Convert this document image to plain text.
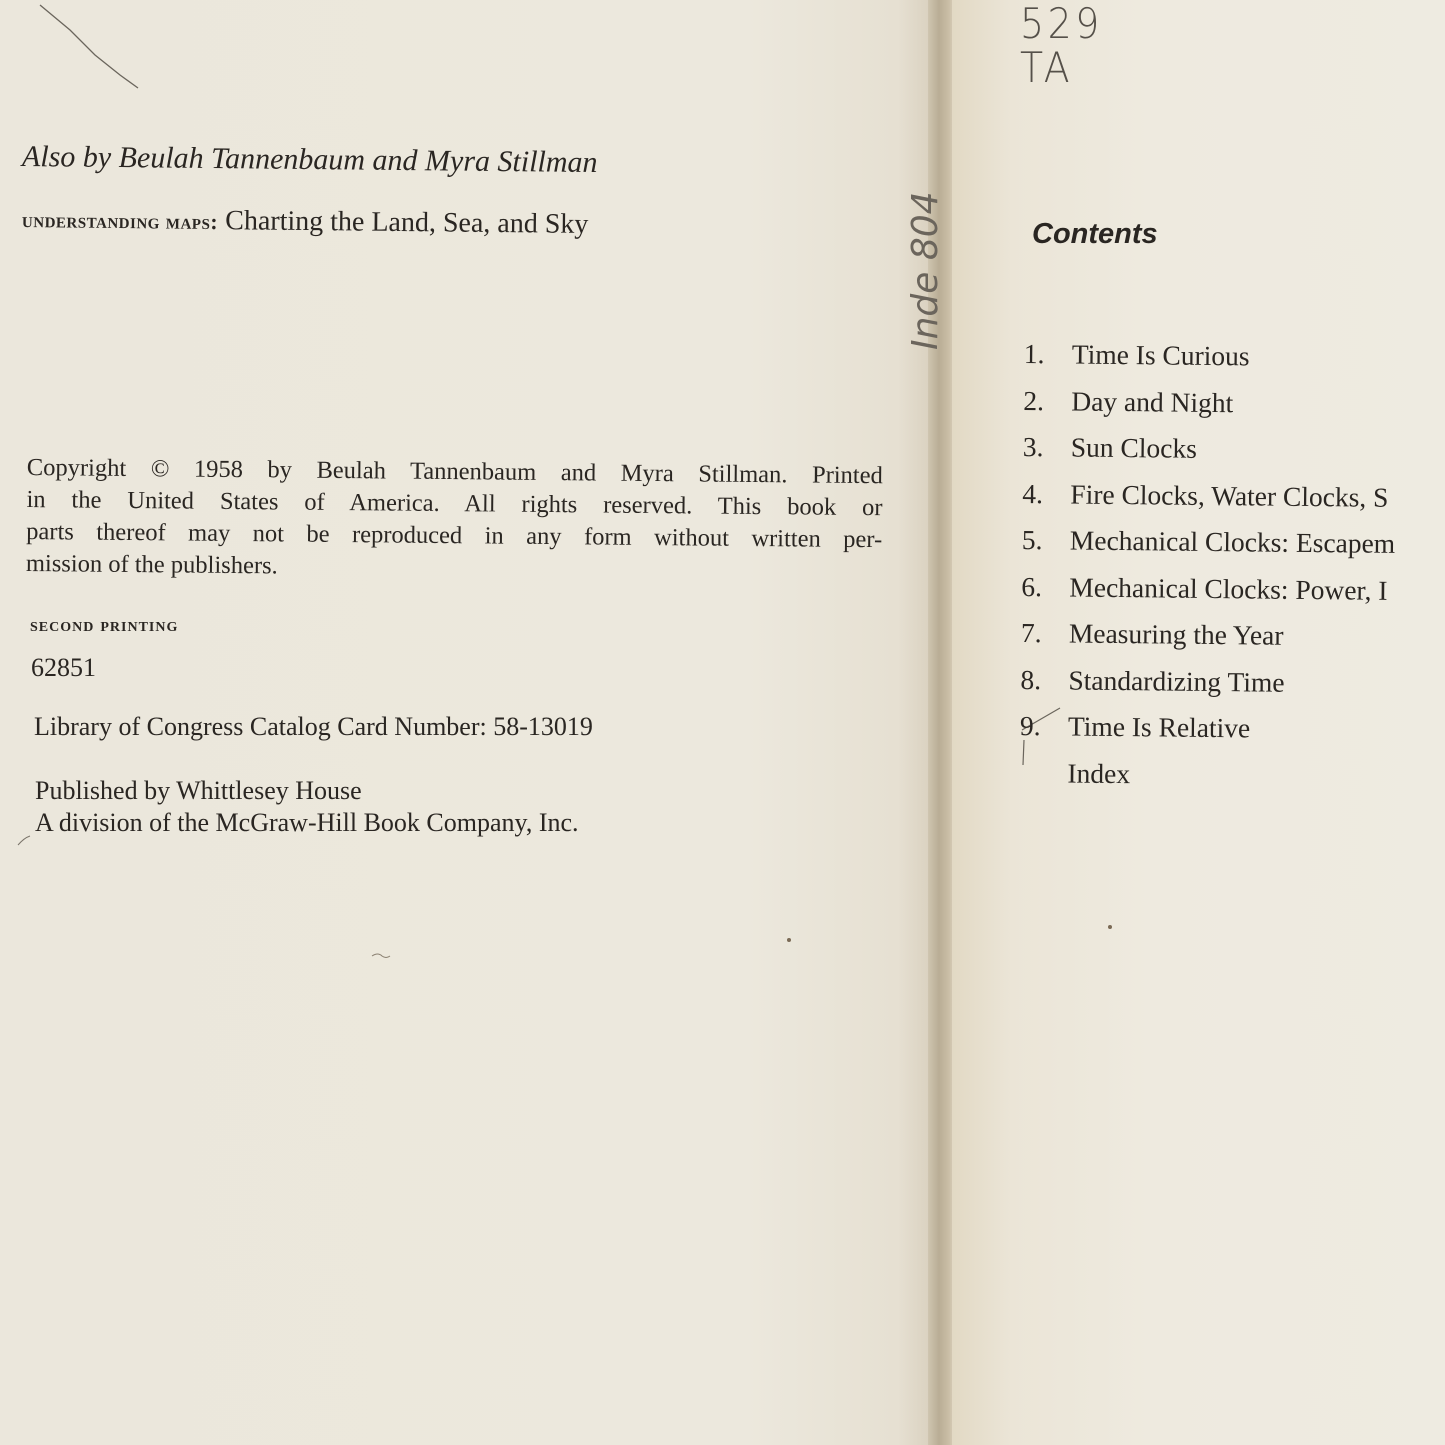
Also by Beulah Tannenbaum and Myra Stillman
understanding maps: Charting the Land, Sea, and Sky
Copyright © 1958 by Beulah Tannenbaum and Myra Stillman. Printed
in the United States of America. All rights reserved. This book or
parts thereof may not be reproduced in any form without written per-
mission of the publishers.
second printing
62851
Library of Congress Catalog Card Number: 58-13019
Published by Whittlesey House
A division of the McGraw-Hill Book Company, Inc.
529
TA
Inde 804	Contents
1. Time Is Curious
2. Day and Night
3. Sun Clocks
4. Fire Clocks, Water Clocks, S
5. Mechanical Clocks: Escapem
6. Mechanical Clocks: Power, I
7. Measuring the Year
8. Standardizing Time
9. Time Is Relative
Index
